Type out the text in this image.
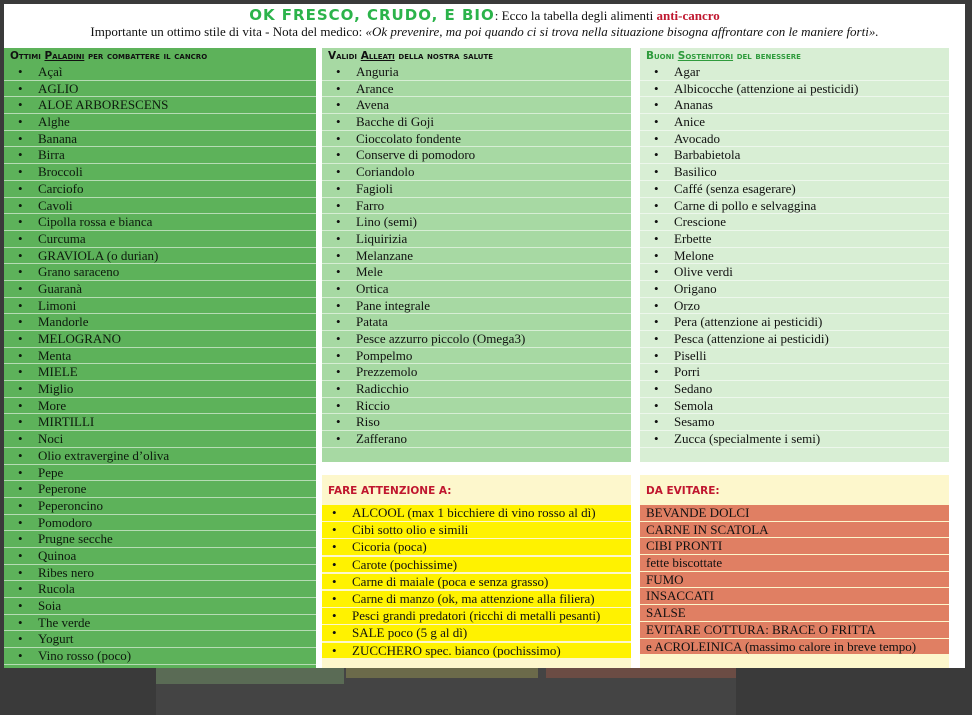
OK FRESCO, CRUDO, E BIO: Ecco la tabella degli alimenti anti-cancro
Importante un ottimo stile di vita - Nota del medico: «Ok prevenire, ma poi quando ci si trova nella situazione bisogna affrontare con le maniere forti».
Ottimi Paladini per combattere il cancro
• Açaì
• AGLIO
• ALOE ARBORESCENS
• Alghe
• Banana
• Birra
• Broccoli
• Carciofo
• Cavoli
• Cipolla rossa e bianca
• Curcuma
• GRAVIOLA (o durian)
• Grano saraceno
• Guaranà
• Limoni
• Mandorle
• MELOGRANO
• Menta
• MIELE
• Miglio
• More
• MIRTILLI
• Noci
• Olio extravergine d’oliva
• Pepe
• Peperone
• Peperoncino
• Pomodoro
• Prugne secche
• Quinoa
• Ribes nero
• Rucola
• Soia
• The verde
• Yogurt
• Vino rosso (poco)
Validi Alleati della nostra salute
• Anguria
• Arance
• Avena
• Bacche di Goji
• Cioccolato fondente
• Conserve di pomodoro
• Coriandolo
• Fagioli
• Farro
• Lino (semi)
• Liquirizia
• Melanzane
• Mele
• Ortica
• Pane integrale
• Patata
• Pesce azzurro piccolo (Omega3)
• Pompelmo
• Prezzemolo
• Radicchio
• Riccio
• Riso
• Zafferano
Buoni Sostenitori del benessere
• Agar
• Albicocche (attenzione ai pesticidi)
• Ananas
• Anice
• Avocado
• Barbabietola
• Basilico
• Caffé (senza esagerare)
• Carne di pollo e selvaggina
• Crescione
• Erbette
• Melone
• Olive verdi
• Origano
• Orzo
• Pera (attenzione ai pesticidi)
• Pesca (attenzione ai pesticidi)
• Piselli
• Porri
• Sedano
• Semola
• Sesamo
• Zucca (specialmente i semi)
FARE ATTENZIONE A:
• ALCOOL (max 1 bicchiere di vino rosso al dì)
• Cibi sotto olio e simili
• Cicoria (poca)
• Carote (pochissime)
• Carne di maiale (poca e senza grasso)
• Carne di manzo (ok, ma attenzione alla filiera)
• Pesci grandi predatori (ricchi di metalli pesanti)
• SALE poco (5 g al dì)
• ZUCCHERO spec. bianco (pochissimo)
DA EVITARE:
BEVANDE DOLCI
CARNE IN SCATOLA
CIBI PRONTI
fette biscottate
FUMO
INSACCATI
SALSE
EVITARE COTTURA: BRACE O FRITTA
e ACROLEINICA (massimo calore in breve tempo)
